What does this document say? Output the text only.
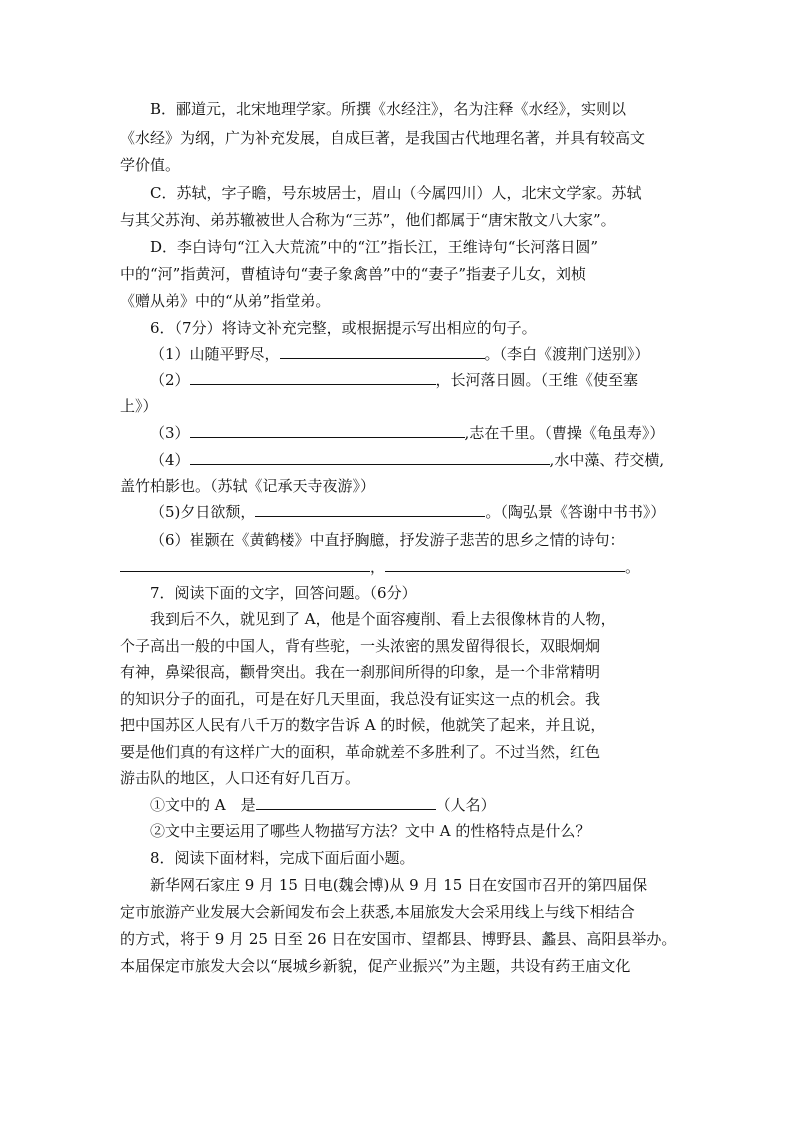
B．郦道元，北宋地理学家。所撰《水经注》，名为注释《水经》，实则以
《水经》为纲，广为补充发展，自成巨著，是我国古代地理名著，并具有较高文
学价值。
C．苏轼，字子瞻，号东坡居士，眉山（今属四川）人，北宋文学家。苏轼
与其父苏洵、弟苏辙被世人合称为“三苏”，他们都属于“唐宋散文八大家”。
D．李白诗句“江入大荒流”中的“江”指长江，王维诗句“长河落日圆”
中的“河”指黄河，曹植诗句“妻子象禽兽”中的“妻子”指妻子儿女，刘桢
《赠从弟》中的“从弟”指堂弟。
6．（7分）将诗文补充完整，或根据提示写出相应的句子。
（1）山随平野尽，	。（李白《渡荆门送别》）
（2）	，长河落日圆。（王维《使至塞
上》）
（3）	,志在千里。（曹操《龟虽寿》）
（4）	,水中藻、荇交横,
盖竹柏影也。（苏轼《记承天寺夜游》）
（5)夕日欲颓，	。（陶弘景《答谢中书书》）
（6）崔颢在《黄鹤楼》中直抒胸臆，抒发游子悲苦的思乡之情的诗句：
，	。
7．阅读下面的文字，回答问题。（6分）
我到后不久，就见到了 A，他是个面容瘦削、看上去很像林肯的人物，
个子高出一般的中国人，背有些驼，一头浓密的黑发留得很长，双眼炯炯
有神，鼻梁很高，颧骨突出。我在一刹那间所得的印象，是一个非常精明
的知识分子的面孔，可是在好几天里面，我总没有证实这一点的机会。我
把中国苏区人民有八千万的数字告诉 A 的时候，他就笑了起来，并且说，
要是他们真的有这样广大的面积，革命就差不多胜利了。不过当然，红色
游击队的地区，人口还有好几百万。
①文中的 A　是	（人名）
②文中主要运用了哪些人物描写方法？文中 A 的性格特点是什么？
8．阅读下面材料，完成下面后面小题。
新华网石家庄 9 月 15 日电(魏会博)从 9 月 15 日在安国市召开的第四届保
定市旅游产业发展大会新闻发布会上获悉,本届旅发大会采用线上与线下相结合
的方式，将于 9 月 25 日至 26 日在安国市、望都县、博野县、蠡县、高阳县举办。
本届保定市旅发大会以“展城乡新貌，促产业振兴”为主题，共设有药王庙文化
